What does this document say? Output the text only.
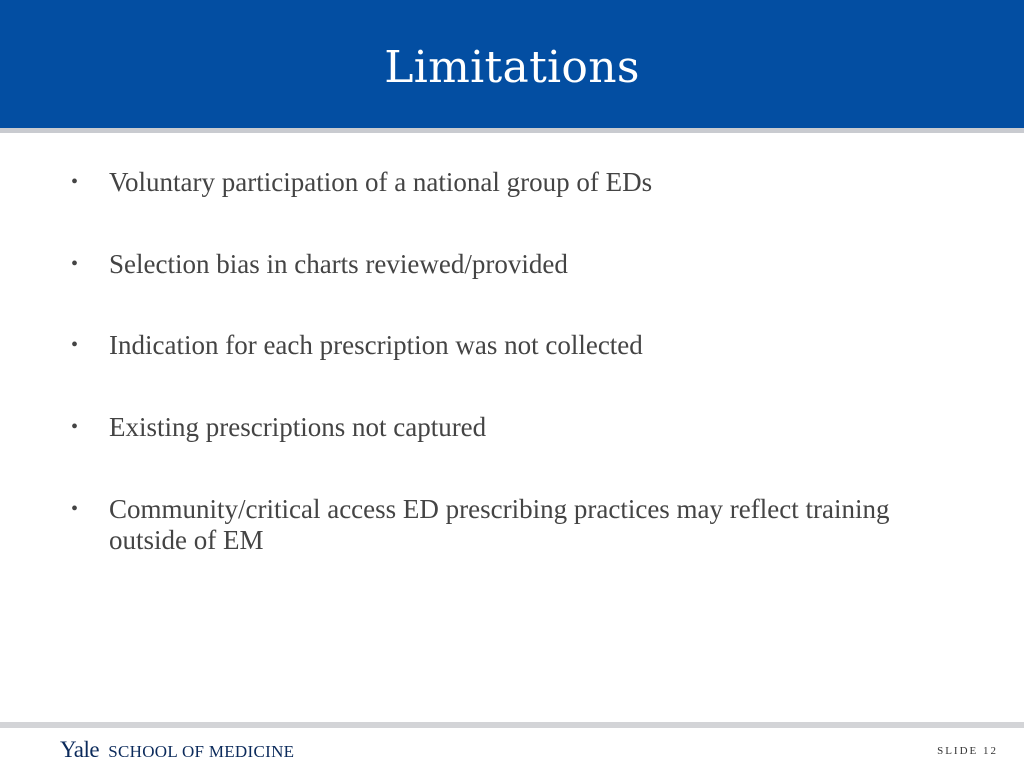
Limitations
• Voluntary participation of a national group of EDs
• Selection bias in charts reviewed/provided
• Indication for each prescription was not collected
• Existing prescriptions not captured
• Community/critical access ED prescribing practices may reflect training outside of EM
Yale SCHOOL OF MEDICINE	SLIDE 12
